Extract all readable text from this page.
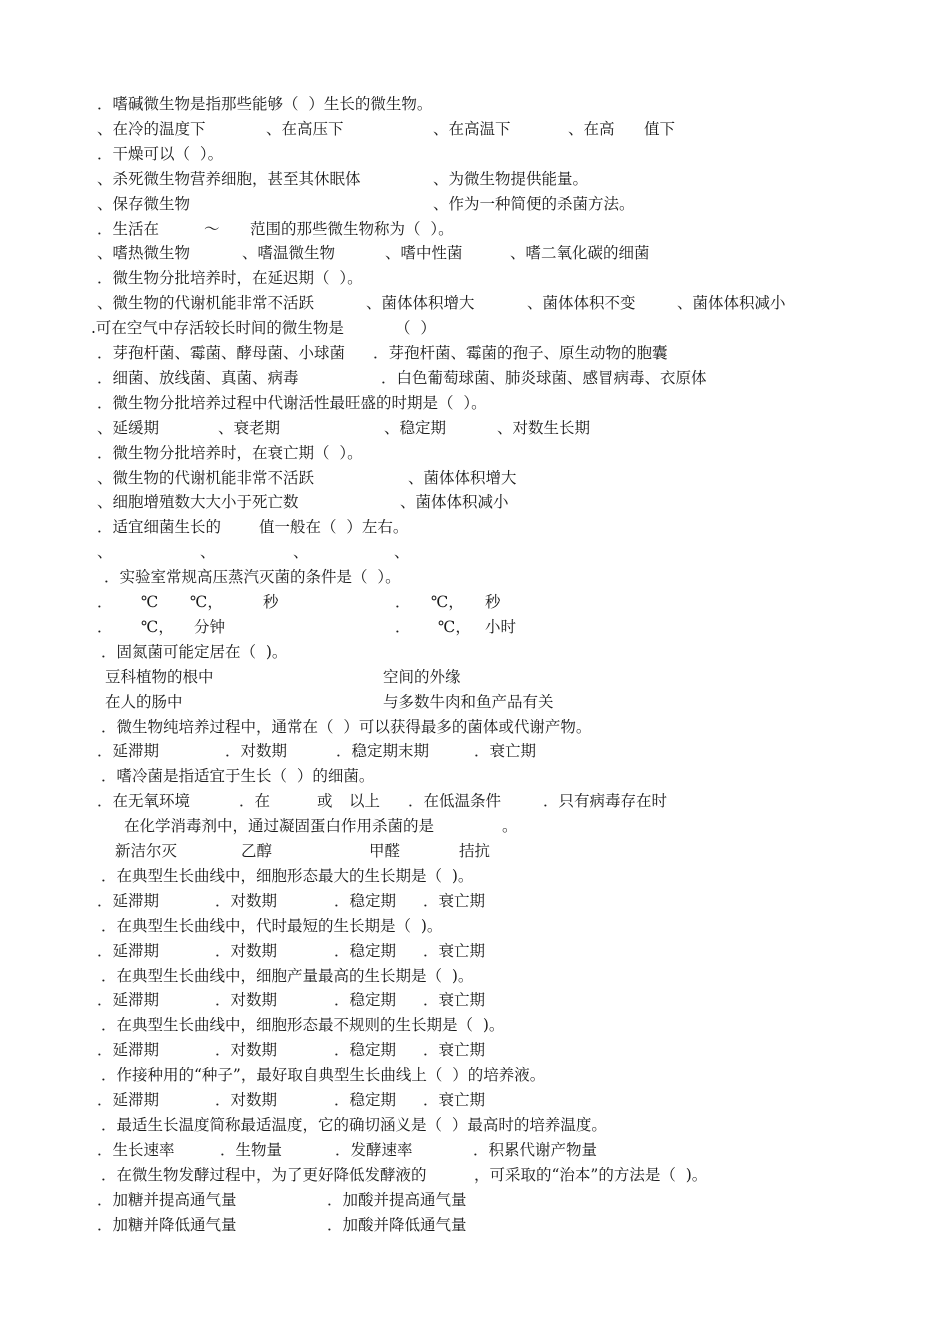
．嗜碱微生物是指那些能够（  ）生长的微生物。
、在冷的温度下	、在高压下	、在高温下	、在高 值下
．干燥可以（  ）。
、杀死微生物营养细胞，甚至其休眠体	、为微生物提供能量。
、保存微生物	、作为一种简便的杀菌方法。
．生活在	～ 范围的那些微生物称为（  ）。
、嗜热微生物	、嗜温微生物	、嗜中性菌	、嗜二氧化碳的细菌
．微生物分批培养时，在延迟期（  ）。
、微生物的代谢机能非常不活跃	、菌体体积增大	、菌体体积不变	、菌体体积减小
.可在空气中存活较长时间的微生物是	（  ）
．芽孢杆菌、霉菌、酵母菌、小球菌 ．芽孢杆菌、霉菌的孢子、原生动物的胞囊
．细菌、放线菌、真菌、病毒	．白色葡萄球菌、肺炎球菌、感冒病毒、衣原体
．微生物分批培养过程中代谢活性最旺盛的时期是（  ）。
、延缓期	、衰老期	、稳定期	、对数生长期
．微生物分批培养时，在衰亡期（  ）。
、微生物的代谢机能非常不活跃	、菌体体积增大
、细胞增殖数大大小于死亡数	、菌体体积减小
．适宜细菌生长的 值一般在（  ）左右。
、	、	、	、
．实验室常规高压蒸汽灭菌的条件是（  ）。
． ℃ ℃，	秒	． ℃， 秒
． ℃， 分钟	． ℃， 小时
．固氮菌可能定居在（  )。
豆科植物的根中	空间的外缘
在人的肠中	与多数牛肉和鱼产品有关
．微生物纯培养过程中，通常在（  ）可以获得最多的菌体或代谢产物。
．延滞期	．对数期	．稳定期末期	．衰亡期
．嗜冷菌是指适宜于生长（  ）的细菌。
．在无氧环境	．在	或 以上 ．在低温条件	．只有病毒存在时
在化学消毒剂中，通过凝固蛋白作用杀菌的是	。
新洁尔灭	乙醇	甲醛	拮抗
．在典型生长曲线中，细胞形态最大的生长期是（  )。
．延滞期	．对数期	．稳定期 ．衰亡期
．在典型生长曲线中，代时最短的生长期是（  )。
．延滞期	．对数期	．稳定期 ．衰亡期
．在典型生长曲线中，细胞产量最高的生长期是（  )。
．延滞期	．对数期	．稳定期 ．衰亡期
．在典型生长曲线中，细胞形态最不规则的生长期是（  )。
．延滞期	．对数期	．稳定期 ．衰亡期
．作接种用的“种子”，最好取自典型生长曲线上（  ）的培养液。
．延滞期	．对数期	．稳定期 ．衰亡期
．最适生长温度简称最适温度，它的确切涵义是（  ）最高时的培养温度。
．生长速率	．生物量	．发酵速率	．积累代谢产物量
．在微生物发酵过程中，为了更好降低发酵液的	，可采取的“治本”的方法是（  )。
．加糖并提高通气量	．加酸并提高通气量
．加糖并降低通气量	．加酸并降低通气量
